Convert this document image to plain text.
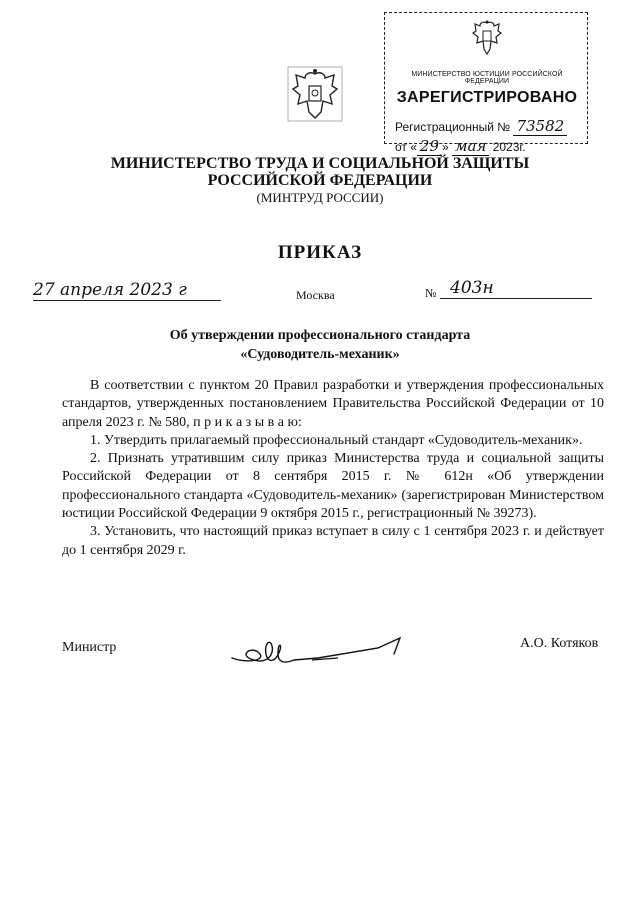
МИНИСТЕРСТВО ЮСТИЦИИ РОССИЙСКОЙ ФЕДЕРАЦИИ
ЗАРЕГИСТРИРОВАНО
Регистрационный № 73582
от « 29 » мая 2023г.
МИНИСТЕРСТВО ТРУДА И СОЦИАЛЬНОЙ ЗАЩИТЫ
РОССИЙСКОЙ ФЕДЕРАЦИИ
(МИНТРУД РОССИИ)
ПРИКАЗ
27 апреля 2023 г	Москва	№ 403н
Об утверждении профессионального стандарта
«Судоводитель-механик»

В соответствии с пунктом 20 Правил разработки и утверждения профессиональных стандартов, утвержденных постановлением Правительства Российской Федерации от 10 апреля 2023 г. № 580, п р и к а з ы в а ю:

1. Утвердить прилагаемый профессиональный стандарт «Судоводитель-механик».

2. Признать утратившим силу приказ Министерства труда и социальной защиты Российской Федерации от 8 сентября 2015 г. № 612н «Об утверждении профессионального стандарта «Судоводитель-механик» (зарегистрирован Министерством юстиции Российской Федерации 9 октября 2015 г., регистрационный № 39273).

3. Установить, что настоящий приказ вступает в силу с 1 сентября 2023 г. и действует до 1 сентября 2029 г.

Министр	А.О. Котяков
